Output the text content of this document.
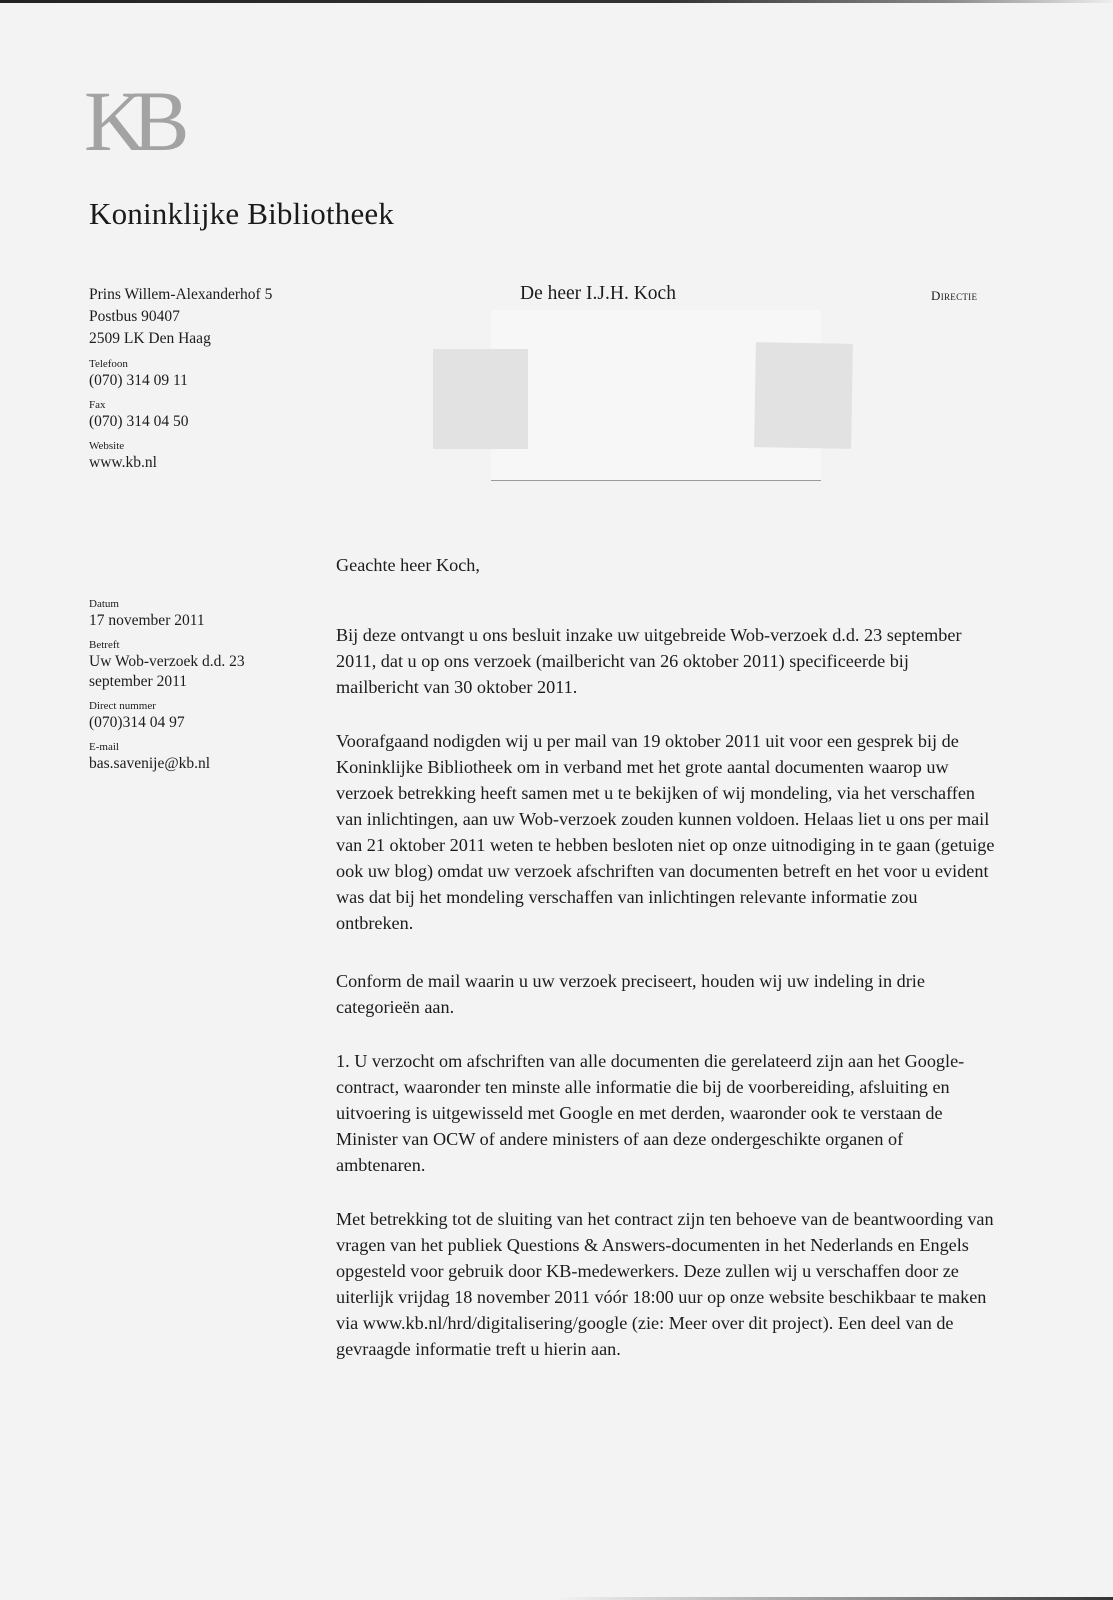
KB
Koninklijke Bibliotheek
Prins Willem-Alexanderhof 5
Postbus 90407
2509 LK Den Haag
Telefoon
(070) 314 09 11
Fax
(070) 314 04 50
Website
www.kb.nl
De heer I.J.H. Koch	Directie
Datum
17 november 2011
Betreft
Uw Wob-verzoek d.d. 23
september 2011
Direct nummer
(070)314 04 97
E-mail
bas.savenije@kb.nl
Geachte heer Koch,

Bij deze ontvangt u ons besluit inzake uw uitgebreide Wob-verzoek d.d. 23 september 2011, dat u op ons verzoek (mailbericht van 26 oktober 2011) specificeerde bij mailbericht van 30 oktober 2011.

Voorafgaand nodigden wij u per mail van 19 oktober 2011 uit voor een gesprek bij de Koninklijke Bibliotheek om in verband met het grote aantal documenten waarop uw verzoek betrekking heeft samen met u te bekijken of wij mondeling, via het verschaffen van inlichtingen, aan uw Wob-verzoek zouden kunnen voldoen. Helaas liet u ons per mail van 21 oktober 2011 weten te hebben besloten niet op onze uitnodiging in te gaan (getuige ook uw blog) omdat uw verzoek afschriften van documenten betreft en het voor u evident was dat bij het mondeling verschaffen van inlichtingen relevante informatie zou ontbreken.

Conform de mail waarin u uw verzoek preciseert, houden wij uw indeling in drie categorieën aan.

1. U verzocht om afschriften van alle documenten die gerelateerd zijn aan het Google-contract, waaronder ten minste alle informatie die bij de voorbereiding, afsluiting en uitvoering is uitgewisseld met Google en met derden, waaronder ook te verstaan de Minister van OCW of andere ministers of aan deze ondergeschikte organen of ambtenaren.

Met betrekking tot de sluiting van het contract zijn ten behoeve van de beantwoording van vragen van het publiek Questions & Answers-documenten in het Nederlands en Engels opgesteld voor gebruik door KB-medewerkers. Deze zullen wij u verschaffen door ze uiterlijk vrijdag 18 november 2011 vóór 18:00 uur op onze website beschikbaar te maken via www.kb.nl/hrd/digitalisering/google (zie: Meer over dit project). Een deel van de gevraagde informatie treft u hierin aan.
